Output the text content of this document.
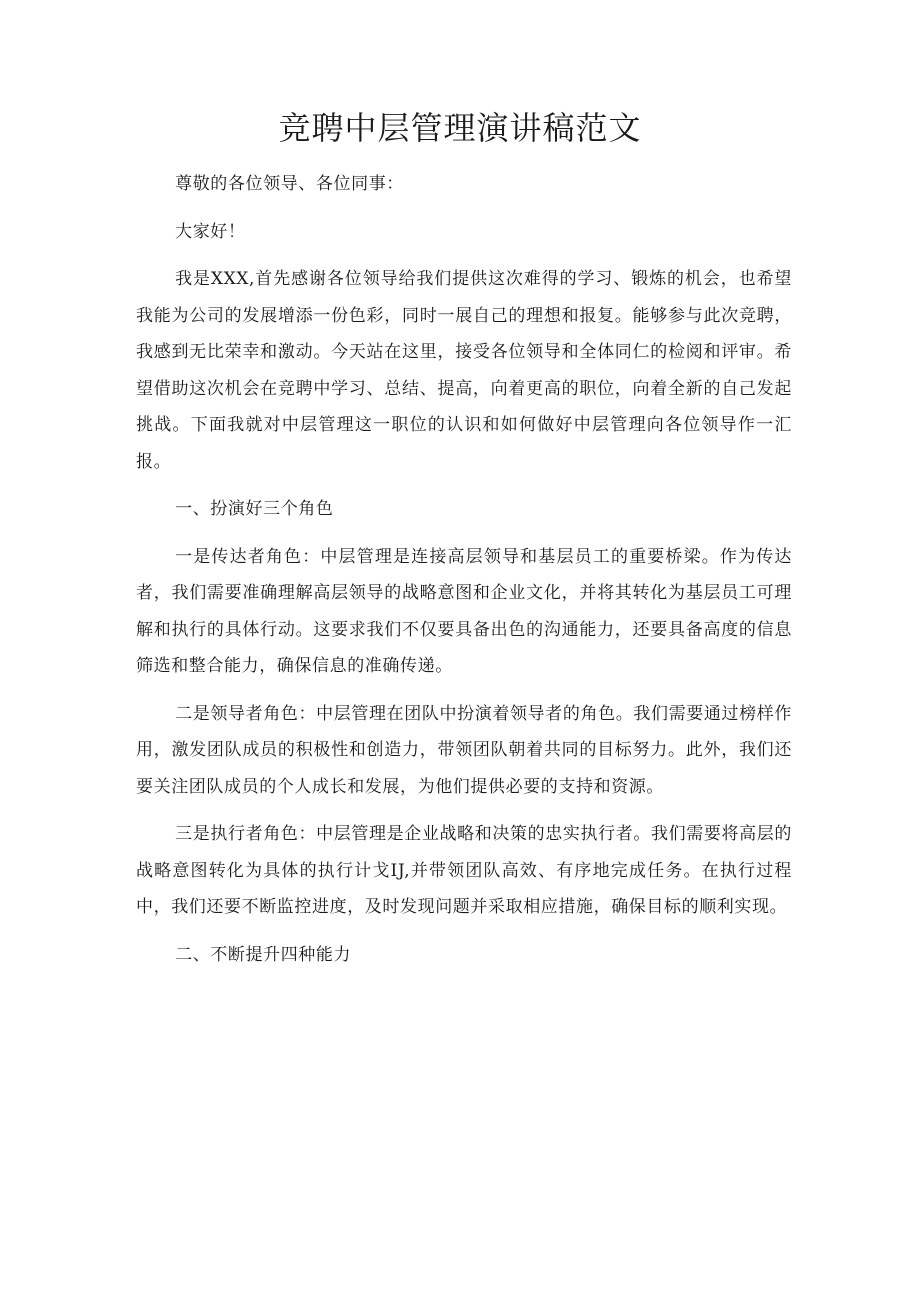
竞聘中层管理演讲稿范文

尊敬的各位领导、各位同事：

大家好！

我是XXX,首先感谢各位领导给我们提供这次难得的学习、锻炼的机会，也希望我能为公司的发展增添一份色彩，同时一展自己的理想和报复。能够参与此次竞聘，我感到无比荣幸和激动。今天站在这里，接受各位领导和全体同仁的检阅和评审。希望借助这次机会在竞聘中学习、总结、提高，向着更高的职位，向着全新的自己发起挑战。下面我就对中层管理这一职位的认识和如何做好中层管理向各位领导作一汇报。

一、扮演好三个角色

一是传达者角色：中层管理是连接高层领导和基层员工的重要桥梁。作为传达者，我们需要准确理解高层领导的战略意图和企业文化，并将其转化为基层员工可理解和执行的具体行动。这要求我们不仅要具备出色的沟通能力，还要具备高度的信息筛选和整合能力，确保信息的准确传递。

二是领导者角色：中层管理在团队中扮演着领导者的角色。我们需要通过榜样作用，激发团队成员的积极性和创造力，带领团队朝着共同的目标努力。此外，我们还要关注团队成员的个人成长和发展，为他们提供必要的支持和资源。

三是执行者角色：中层管理是企业战略和决策的忠实执行者。我们需要将高层的战略意图转化为具体的执行计戈IJ,并带领团队高效、有序地完成任务。在执行过程中，我们还要不断监控进度，及时发现问题并采取相应措施，确保目标的顺利实现。

二、不断提升四种能力
